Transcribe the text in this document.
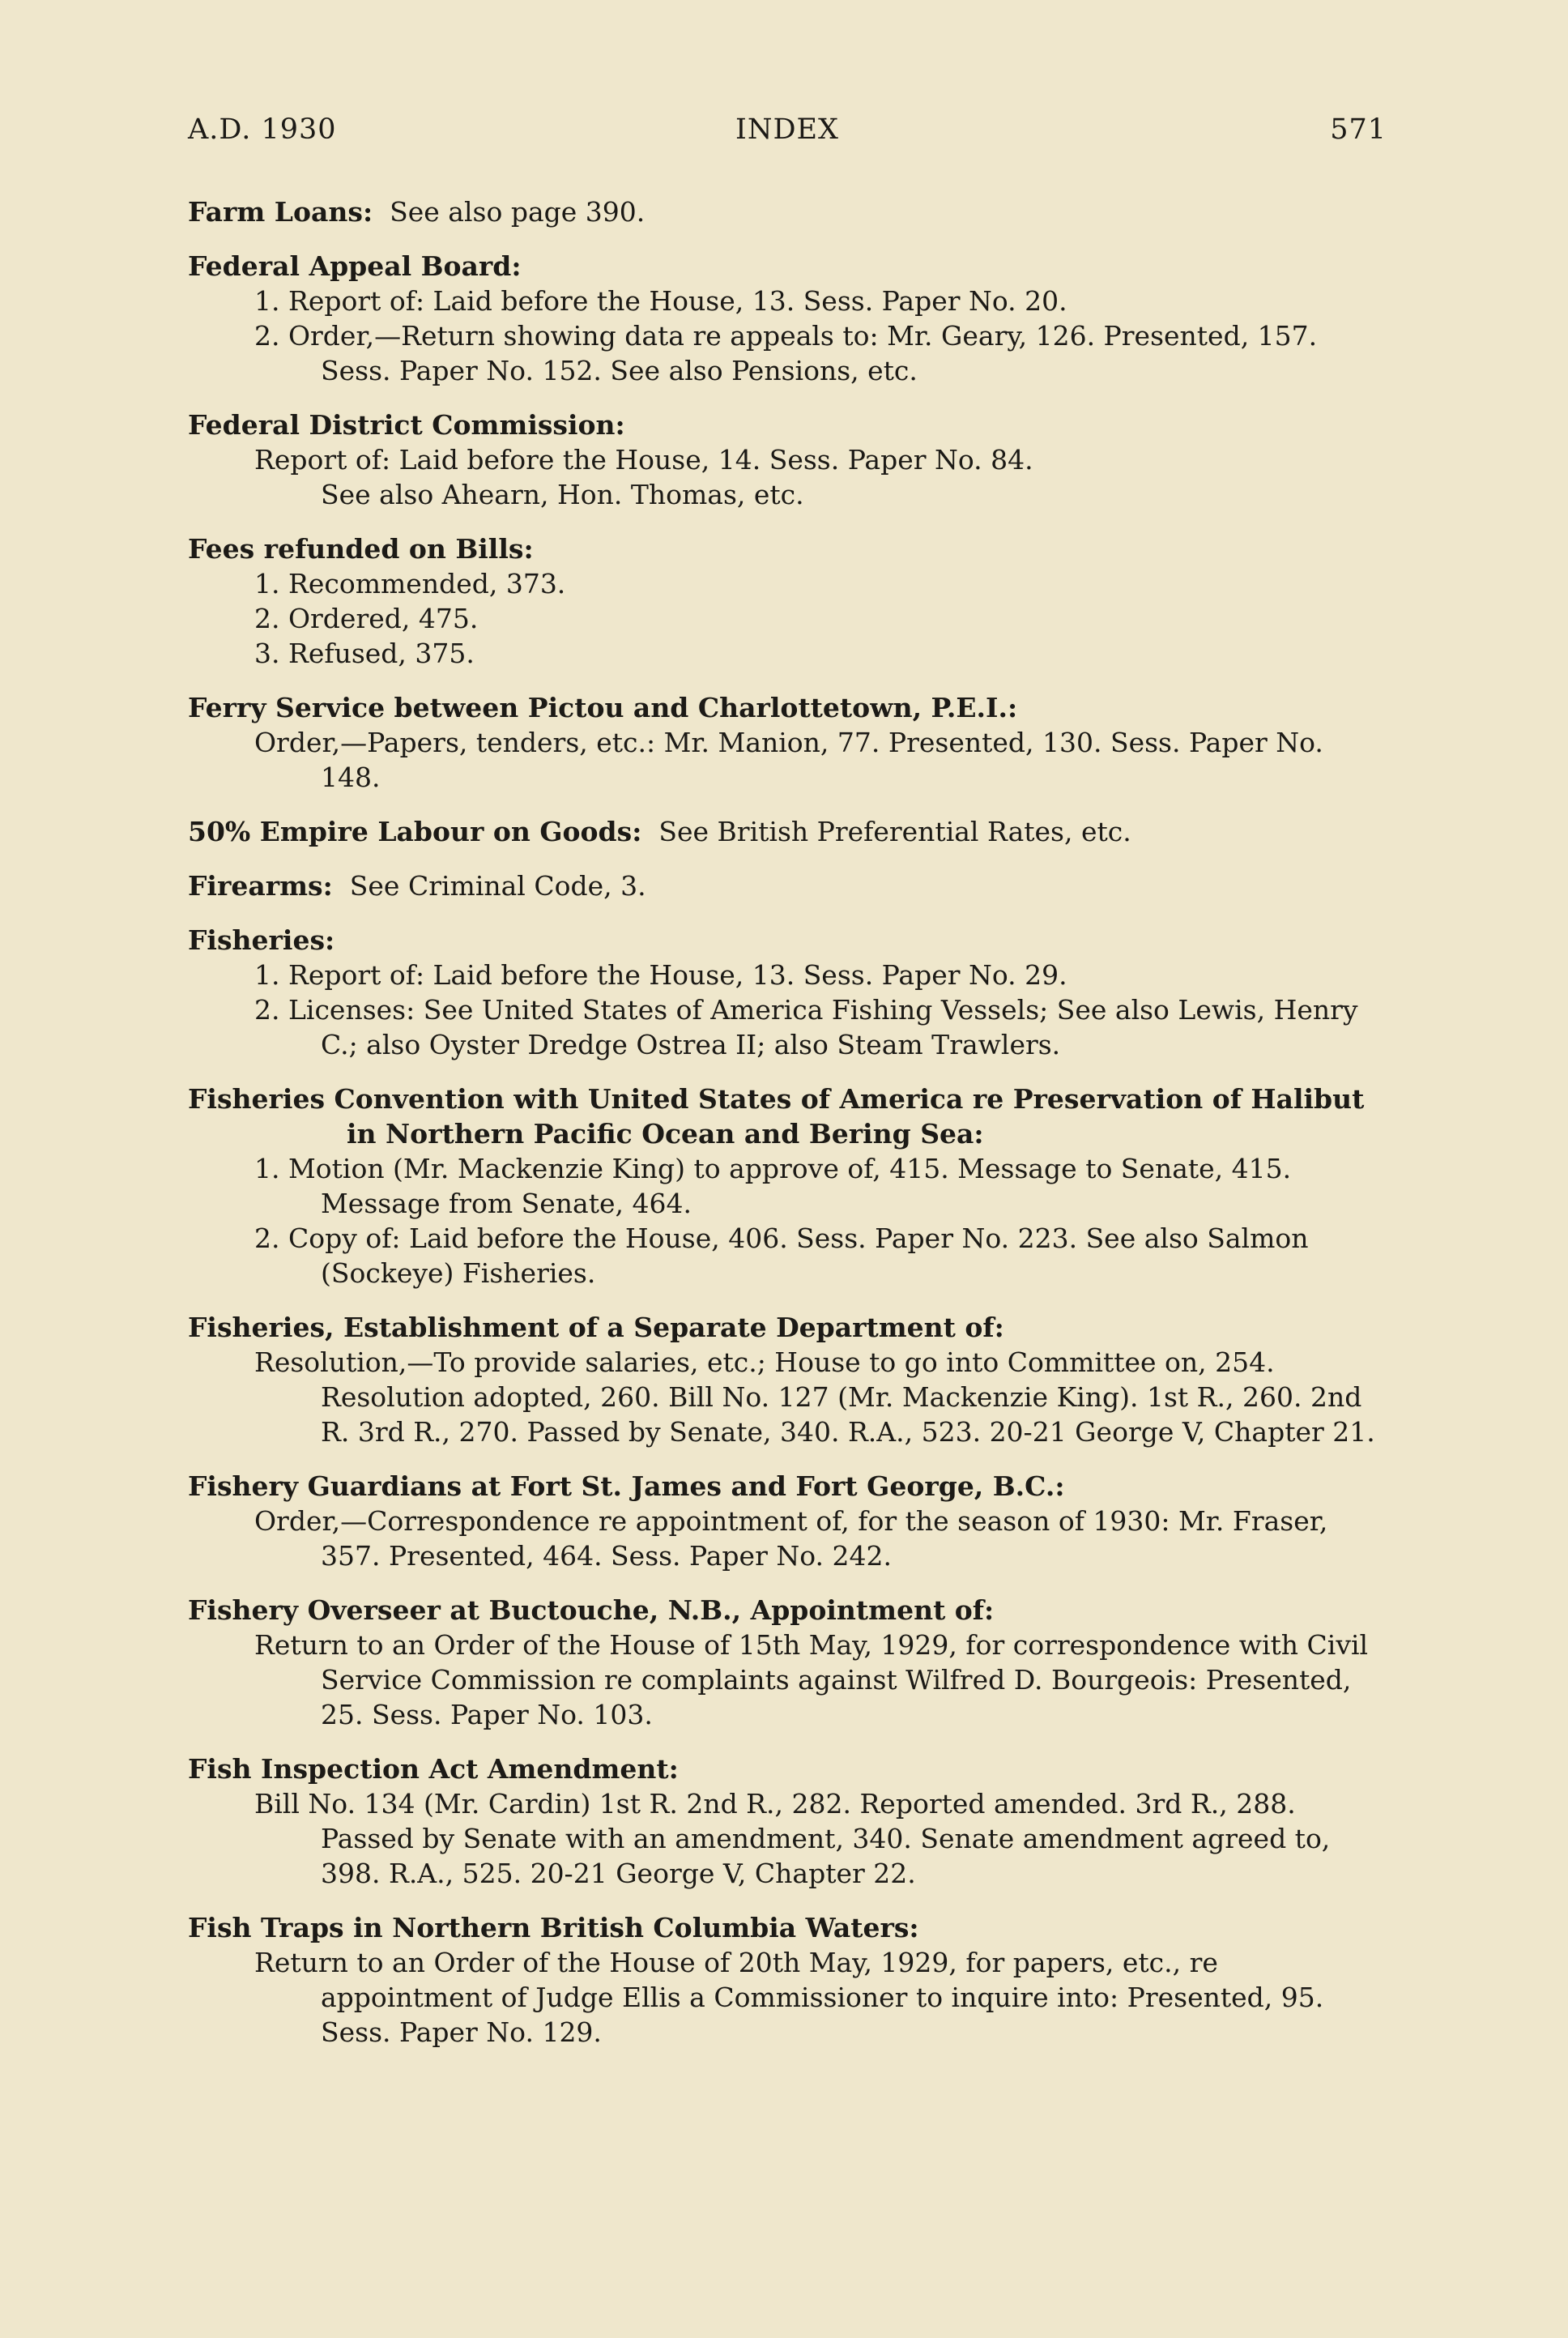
A.D. 1930	INDEX	571
Farm Loans: See also page 390.
Federal Appeal Board:
1. Report of: Laid before the House, 13. Sess. Paper No. 20.
2. Order,—Return showing data re appeals to: Mr. Geary, 126. Presented, 157. Sess. Paper No. 152. See also Pensions, etc.
Federal District Commission:
Report of: Laid before the House, 14. Sess. Paper No. 84.
See also Ahearn, Hon. Thomas, etc.
Fees refunded on Bills:
1. Recommended, 373.
2. Ordered, 475.
3. Refused, 375.
Ferry Service between Pictou and Charlottetown, P.E.I.:
Order,—Papers, tenders, etc.: Mr. Manion, 77. Presented, 130. Sess. Paper No. 148.
50% Empire Labour on Goods: See British Preferential Rates, etc.
Firearms: See Criminal Code, 3.
Fisheries:
1. Report of: Laid before the House, 13. Sess. Paper No. 29.
2. Licenses: See United States of America Fishing Vessels; See also Lewis, Henry C.; also Oyster Dredge Ostrea II; also Steam Trawlers.
Fisheries Convention with United States of America re Preservation of Halibut in Northern Pacific Ocean and Bering Sea:
1. Motion (Mr. Mackenzie King) to approve of, 415. Message to Senate, 415. Message from Senate, 464.
2. Copy of: Laid before the House, 406. Sess. Paper No. 223. See also Salmon (Sockeye) Fisheries.
Fisheries, Establishment of a Separate Department of:
Resolution,—To provide salaries, etc.; House to go into Committee on, 254. Resolution adopted, 260. Bill No. 127 (Mr. Mackenzie King). 1st R., 260. 2nd R. 3rd R., 270. Passed by Senate, 340. R.A., 523. 20-21 George V, Chapter 21.
Fishery Guardians at Fort St. James and Fort George, B.C.:
Order,—Correspondence re appointment of, for the season of 1930: Mr. Fraser, 357. Presented, 464. Sess. Paper No. 242.
Fishery Overseer at Buctouche, N.B., Appointment of:
Return to an Order of the House of 15th May, 1929, for correspondence with Civil Service Commission re complaints against Wilfred D. Bourgeois: Presented, 25. Sess. Paper No. 103.
Fish Inspection Act Amendment:
Bill No. 134 (Mr. Cardin) 1st R. 2nd R., 282. Reported amended. 3rd R., 288. Passed by Senate with an amendment, 340. Senate amendment agreed to, 398. R.A., 525. 20-21 George V, Chapter 22.
Fish Traps in Northern British Columbia Waters:
Return to an Order of the House of 20th May, 1929, for papers, etc., re appointment of Judge Ellis a Commissioner to inquire into: Presented, 95. Sess. Paper No. 129.
